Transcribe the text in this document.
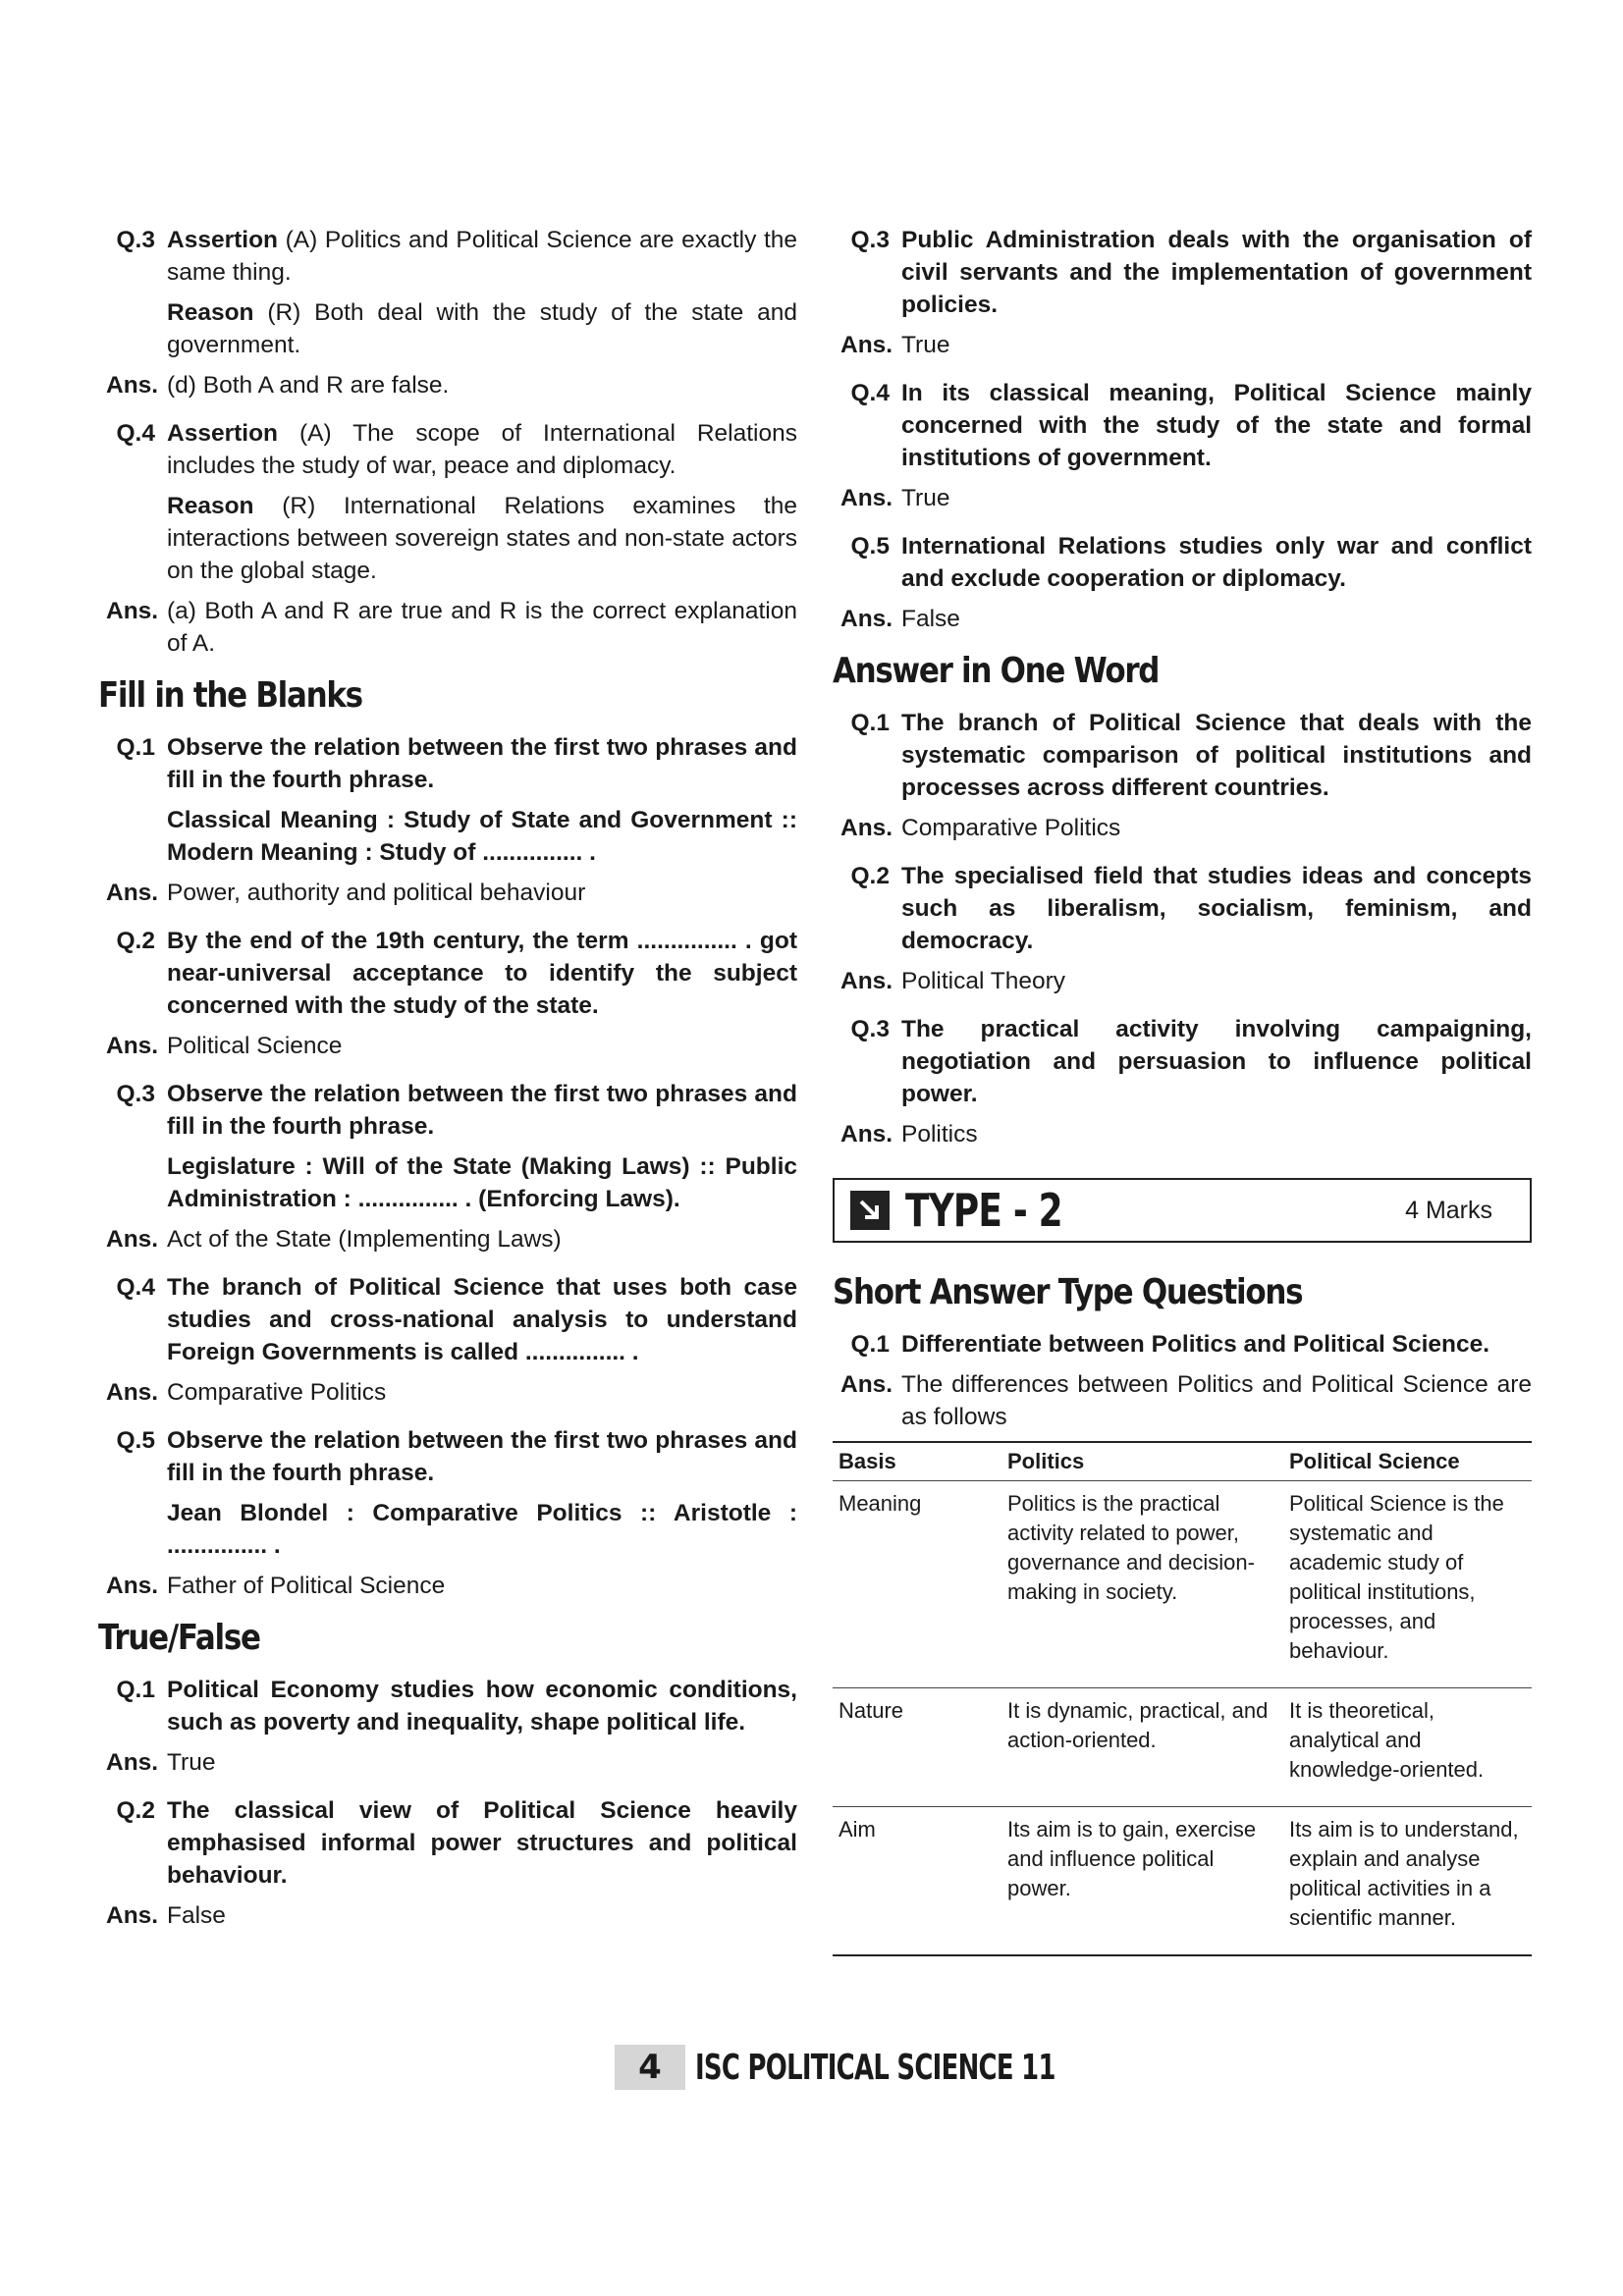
Q.3 Assertion (A) Politics and Political Science are exactly the same thing.

Reason (R) Both deal with the study of the state and government.

Ans. (d) Both A and R are false.
Q.4 Assertion (A) The scope of International Relations includes the study of war, peace and diplomacy.

Reason (R) International Relations examines the interactions between sovereign states and non-state actors on the global stage.

Ans. (a) Both A and R are true and R is the correct explanation of A.
Fill in the Blanks
Q.1 Observe the relation between the first two phrases and fill in the fourth phrase.

Classical Meaning : Study of State and Government :: Modern Meaning : Study of ............... .

Ans. Power, authority and political behaviour
Q.2 By the end of the 19th century, the term ............... . got near-universal acceptance to identify the subject concerned with the study of the state.

Ans. Political Science
Q.3 Observe the relation between the first two phrases and fill in the fourth phrase.

Legislature : Will of the State (Making Laws) :: Public Administration : ............... . (Enforcing Laws).

Ans. Act of the State (Implementing Laws)
Q.4 The branch of Political Science that uses both case studies and cross-national analysis to understand Foreign Governments is called ............... .

Ans. Comparative Politics
Q.5 Observe the relation between the first two phrases and fill in the fourth phrase.

Jean Blondel : Comparative Politics :: Aristotle : ............... .

Ans. Father of Political Science
True/False
Q.1 Political Economy studies how economic conditions, such as poverty and inequality, shape political life.

Ans. True
Q.2 The classical view of Political Science heavily emphasised informal power structures and political behaviour.

Ans. False
Q.3 Public Administration deals with the organisation of civil servants and the implementation of government policies.

Ans. True
Q.4 In its classical meaning, Political Science mainly concerned with the study of the state and formal institutions of government.

Ans. True
Q.5 International Relations studies only war and conflict and exclude cooperation or diplomacy.

Ans. False
Answer in One Word
Q.1 The branch of Political Science that deals with the systematic comparison of political institutions and processes across different countries.

Ans. Comparative Politics
Q.2 The specialised field that studies ideas and concepts such as liberalism, socialism, feminism, and democracy.

Ans. Political Theory
Q.3 The practical activity involving campaigning, negotiation and persuasion to influence political power.

Ans. Politics
TYPE - 2	4 Marks
Short Answer Type Questions
Q.1 Differentiate between Politics and Political Science.

Ans. The differences between Politics and Political Science are as follows
Basis	Politics	Political Science
Meaning	Politics is the practical activity related to power, governance and decision-making in society.	Political Science is the systematic and academic study of political institutions, processes, and behaviour.
Nature	It is dynamic, practical, and action-oriented.	It is theoretical, analytical and knowledge-oriented.
Aim	Its aim is to gain, exercise and influence political power.	Its aim is to understand, explain and analyse political activities in a scientific manner.
4 ISC POLITICAL SCIENCE 11
